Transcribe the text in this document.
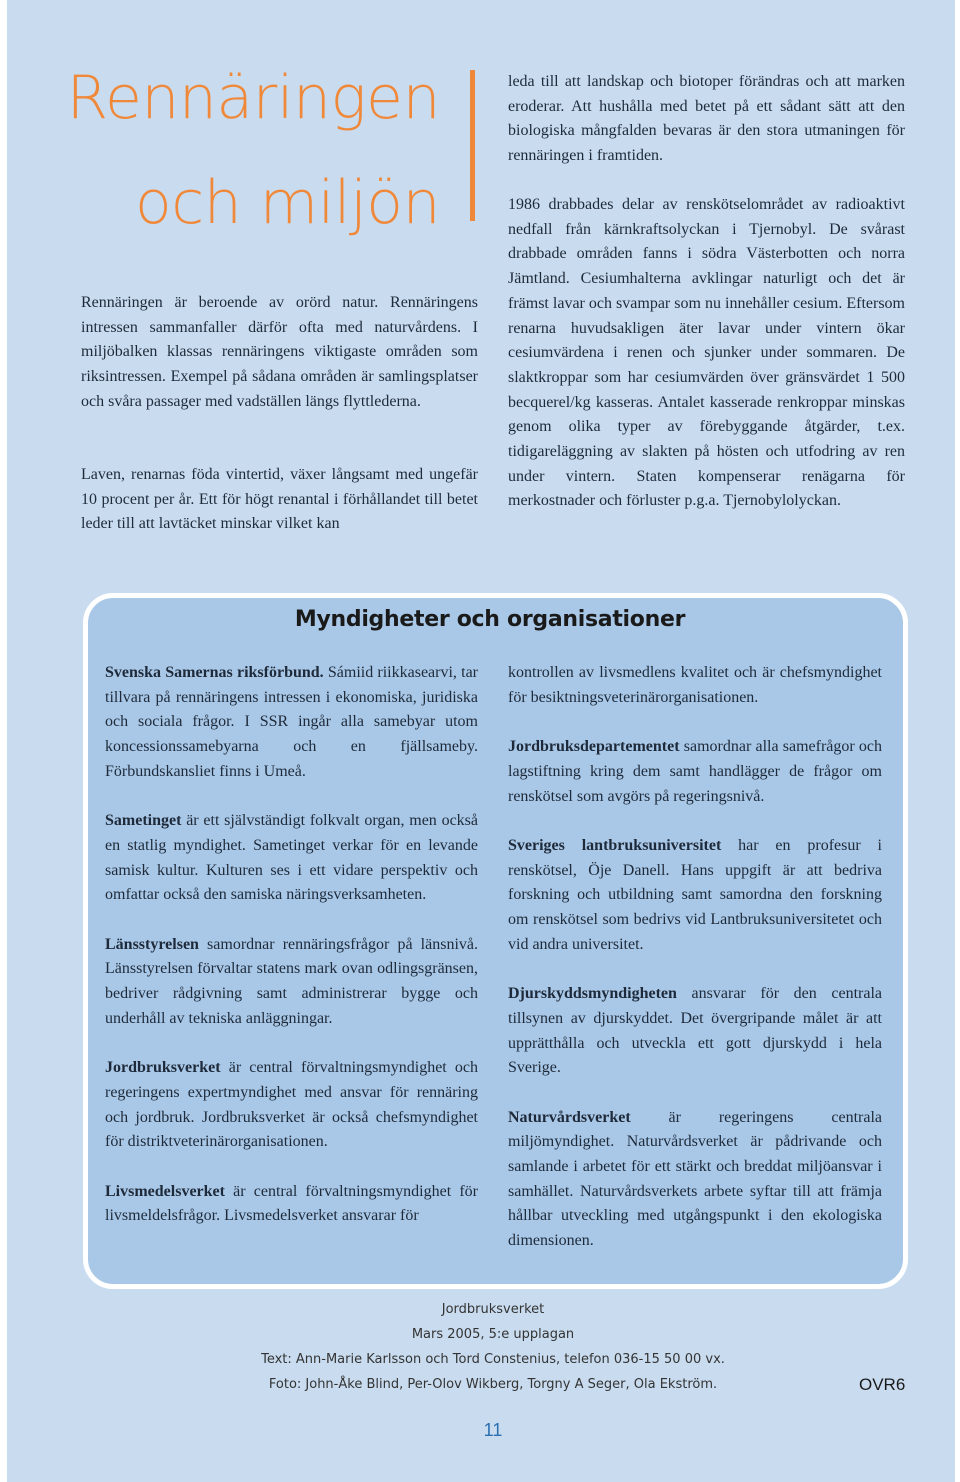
Rennäringen
och miljön

Rennäringen är beroende av orörd natur. Rennäringens intressen sammanfaller därför ofta med naturvårdens. I miljöbalken klassas rennäringens viktigaste områden som riksintressen. Exempel på sådana områden är samlingsplatser och svåra passager med vadställen längs flyttlederna.

Laven, renarnas föda vintertid, växer långsamt med ungefär 10 procent per år. Ett för högt renantal i förhållandet till betet leder till att lavtäcket minskar vilket kan

leda till att landskap och biotoper förändras och att marken eroderar. Att hushålla med betet på ett sådant sätt att den biologiska mångfalden bevaras är den stora utmaningen för rennäringen i framtiden.

1986 drabbades delar av renskötselområdet av radioaktivt nedfall från kärnkraftsolyckan i Tjernobyl. De svårast drabbade områden fanns i södra Västerbotten och norra Jämtland. Cesiumhalterna avklingar naturligt och det är främst lavar och svampar som nu innehåller cesium. Eftersom renarna huvudsakligen äter lavar under vintern ökar cesiumvärdena i renen och sjunker under sommaren. De slaktkroppar som har cesiumvärden över gränsvärdet 1 500 becquerel/kg kasseras. Antalet kasserade renkroppar minskas genom olika typer av förebyggande åtgärder, t.ex. tidigareläggning av slakten på hösten och utfodring av ren under vintern. Staten kompenserar renägarna för merkostnader och förluster p.g.a. Tjernobylolyckan.

Myndigheter och organisationer

Svenska Samernas riksförbund. Sámiid riikkasearvi, tar tillvara på rennäringens intressen i ekonomiska, juridiska och sociala frågor. I SSR ingår alla samebyar utom koncessionssamebyarna och en fjällsameby. Förbundskansliet finns i Umeå.

Sametinget är ett självständigt folkvalt organ, men också en statlig myndighet. Sametinget verkar för en levande samisk kultur. Kulturen ses i ett vidare perspektiv och omfattar också den samiska näringsverksamheten.

Länsstyrelsen samordnar rennäringsfrågor på länsnivå. Länsstyrelsen förvaltar statens mark ovan odlingsgränsen, bedriver rådgivning samt administrerar bygge och underhåll av tekniska anläggningar.

Jordbruksverket är central förvaltningsmyndighet och regeringens expertmyndighet med ansvar för rennäring och jordbruk. Jordbruksverket är också chefsmyndighet för distriktveterinärorganisationen.

Livsmedelsverket är central förvaltningsmyndighet för livsmeldelsfrågor. Livsmedelsverket ansvarar för

kontrollen av livsmedlens kvalitet och är chefsmyndighet för besiktningsveterinärorganisationen.

Jordbruksdepartementet samordnar alla samefrågor och lagstiftning kring dem samt handlägger de frågor om renskötsel som avgörs på regeringsnivå.

Sveriges lantbruksuniversitet har en profesur i renskötsel, Öje Danell. Hans uppgift är att bedriva forskning och utbildning samt samordna den forskning om renskötsel som bedrivs vid Lantbruksuniversitetet och vid andra universitet.

Djurskyddsmyndigheten ansvarar för den centrala tillsynen av djurskyddet. Det övergripande målet är att upprätthålla och utveckla ett gott djurskydd i hela Sverige.

Naturvårdsverket är regeringens centrala miljömyndighet. Naturvårdsverket är pådrivande och samlande i arbetet för ett stärkt och breddat miljöansvar i samhället. Naturvårdsverkets arbete syftar till att främja hållbar utveckling med utgångspunkt i den ekologiska dimensionen.

Jordbruksverket
Mars 2005, 5:e upplagan
Text: Ann-Marie Karlsson och Tord Constenius, telefon 036-15 50 00 vx.
Foto: John-Åke Blind, Per-Olov Wikberg, Torgny A Seger, Ola Ekström.	OVR6
11
